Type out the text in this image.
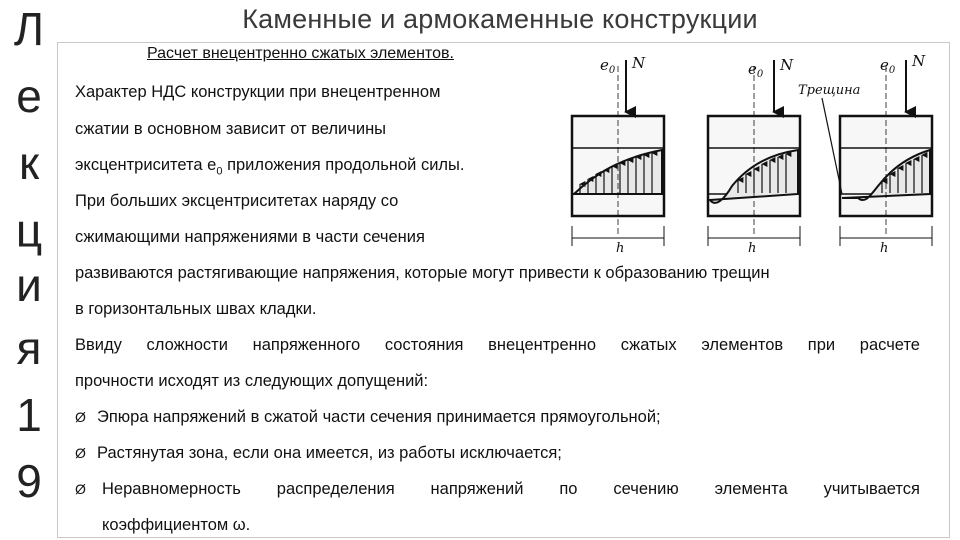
Л
е
к
ц
и
я
1
9
Каменные и армокаменные конструкции
Расчет внецентренно сжатых элементов.
Характер НДС конструкции при внецентренном
сжатии в основном зависит от величины
эксцентриситета $е_0$ приложения продольной силы.
При больших эксцентриситетах наряду со
сжимающими напряжениями в части сечения
развиваются растягивающие напряжения, которые могут привести к образованию трещин
в горизонтальных швах кладки.
Ввиду сложности напряженного состояния внецентренно сжатых элементов при расчете
прочности исходят из следующих допущений:
Ø Эпюра напряжений в сжатой части сечения принимается прямоугольной;
Ø Растянутая зона, если она имеется, из работы исключается;
Ø Неравномерность распределения напряжений по сечению элемента учитывается
коэффициентом ω.
$e_0$ N
h
$e_0$
N
h
$e_0$
N
Трещина
h
